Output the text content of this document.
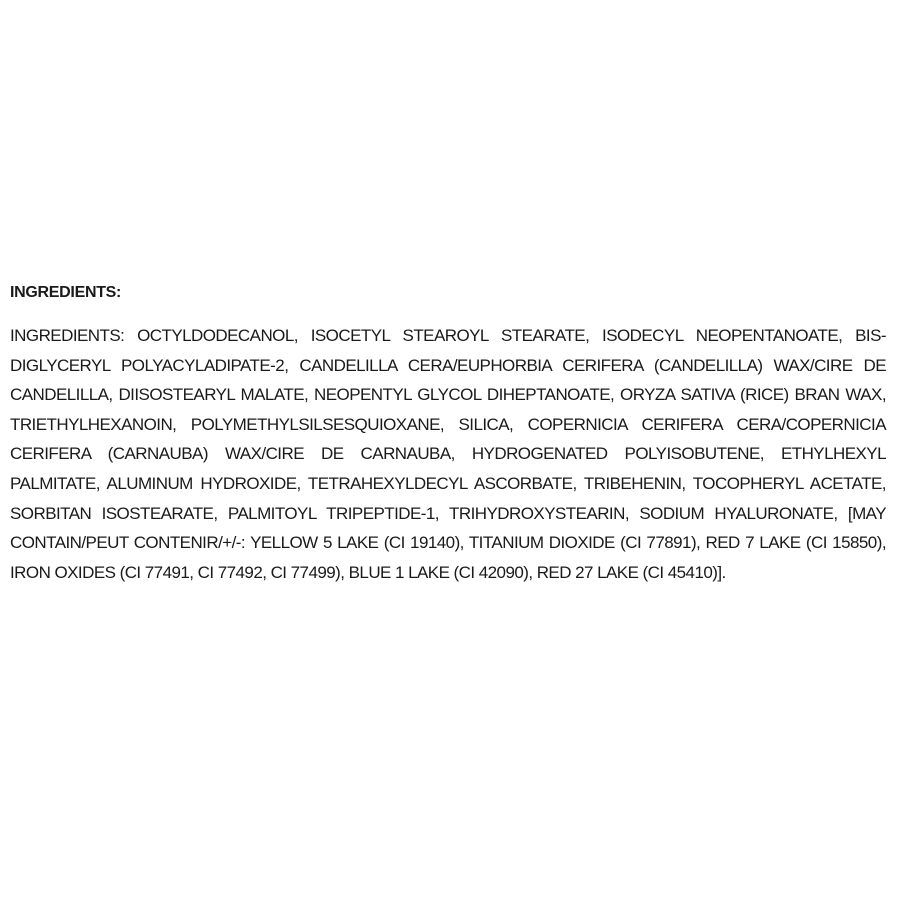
INGREDIENTS:

INGREDIENTS: OCTYLDODECANOL, ISOCETYL STEAROYL STEARATE, ISODECYL NEOPENTANOATE, BIS-DIGLYCERYL POLYACYLADIPATE-2, CANDELILLA CERA/EUPHORBIA CERIFERA (CANDELILLA) WAX/CIRE DE CANDELILLA, DIISOSTEARYL MALATE, NEOPENTYL GLYCOL DIHEPTANOATE, ORYZA SATIVA (RICE) BRAN WAX, TRIETHYLHEXANOIN, POLYMETHYLSILSESQUIOXANE, SILICA, COPERNICIA CERIFERA CERA/COPERNICIA CERIFERA (CARNAUBA) WAX/CIRE DE CARNAUBA, HYDROGENATED POLYISOBUTENE, ETHYLHEXYL PALMITATE, ALUMINUM HYDROXIDE, TETRAHEXYLDECYL ASCORBATE, TRIBEHENIN, TOCOPHERYL ACETATE, SORBITAN ISOSTEARATE, PALMITOYL TRIPEPTIDE-1, TRIHYDROXYSTEARIN, SODIUM HYALURONATE, [MAY CONTAIN/PEUT CONTENIR/+/-: YELLOW 5 LAKE (CI 19140), TITANIUM DIOXIDE (CI 77891), RED 7 LAKE (CI 15850), IRON OXIDES (CI 77491, CI 77492, CI 77499), BLUE 1 LAKE (CI 42090), RED 27 LAKE (CI 45410)].
